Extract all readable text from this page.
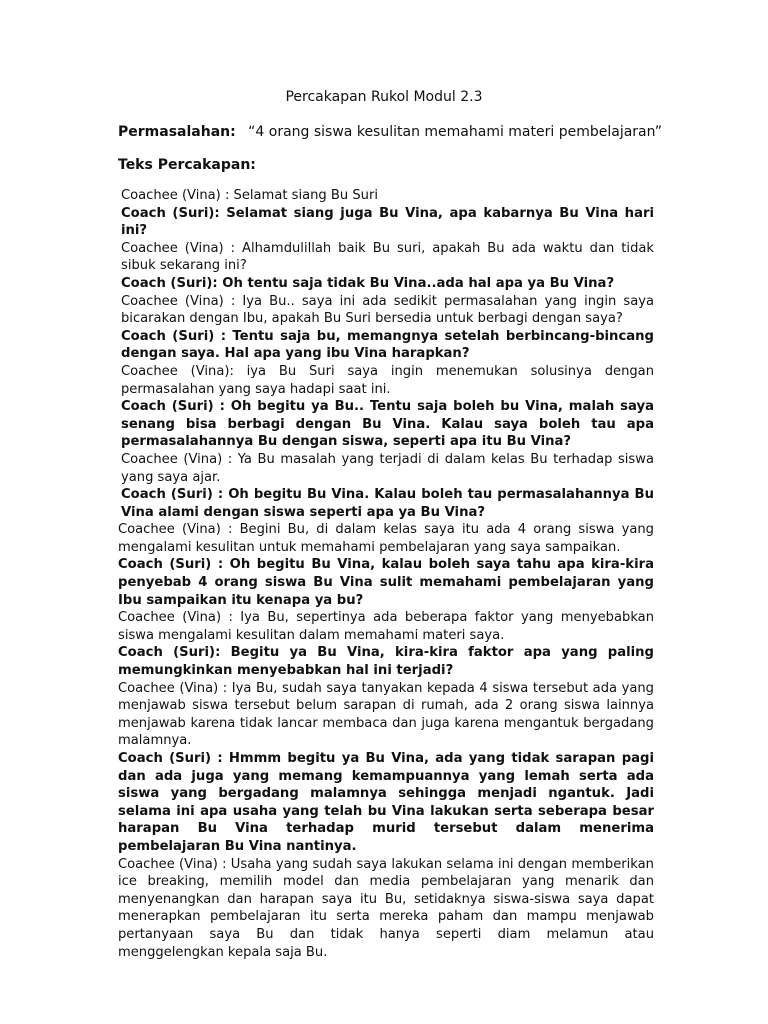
Percakapan Rukol Modul 2.3
Permasalahan: “4 orang siswa kesulitan memahami materi pembelajaran”
Teks Percakapan:

Coachee (Vina) : Selamat siang Bu Suri

Coach (Suri): Selamat siang juga Bu Vina, apa kabarnya Bu Vina hari ini?

Coachee (Vina) : Alhamdulillah baik Bu suri, apakah Bu ada waktu dan tidak sibuk sekarang ini?

Coach (Suri): Oh tentu saja tidak Bu Vina..ada hal apa ya Bu Vina?

Coachee (Vina) : Iya Bu.. saya ini ada sedikit permasalahan yang ingin saya bicarakan dengan Ibu, apakah Bu Suri bersedia untuk berbagi dengan saya?

Coach (Suri) : Tentu saja bu, memangnya setelah berbincang-bincang dengan saya. Hal apa yang ibu Vina harapkan?

Coachee (Vina): iya Bu Suri saya ingin menemukan solusinya dengan permasalahan yang saya hadapi saat ini.

Coach (Suri) : Oh begitu ya Bu.. Tentu saja boleh bu Vina, malah saya senang bisa berbagi dengan Bu Vina. Kalau saya boleh tau apa permasalahannya Bu dengan siswa, seperti apa itu Bu Vina?

Coachee (Vina) : Ya Bu masalah yang terjadi di dalam kelas Bu terhadap siswa yang saya ajar.

Coach (Suri) : Oh begitu Bu Vina. Kalau boleh tau permasalahannya Bu Vina alami dengan siswa seperti apa ya Bu Vina?

Coachee (Vina) : Begini Bu, di dalam kelas saya itu ada 4 orang siswa yang mengalami kesulitan untuk memahami pembelajaran yang saya sampaikan.

Coach (Suri) : Oh begitu Bu Vina, kalau boleh saya tahu apa kira-kira penyebab 4 orang siswa Bu Vina sulit memahami pembelajaran yang Ibu sampaikan itu kenapa ya bu?

Coachee (Vina) : Iya Bu, sepertinya ada beberapa faktor yang menyebabkan siswa mengalami kesulitan dalam memahami materi saya.

Coach (Suri): Begitu ya Bu Vina, kira-kira faktor apa yang paling memungkinkan menyebabkan hal ini terjadi?

Coachee (Vina) : Iya Bu, sudah saya tanyakan kepada 4 siswa tersebut ada yang menjawab siswa tersebut belum sarapan di rumah, ada 2 orang siswa lainnya menjawab karena tidak lancar membaca dan juga karena mengantuk bergadang malamnya.

Coach (Suri) : Hmmm begitu ya Bu Vina, ada yang tidak sarapan pagi dan ada juga yang memang kemampuannya yang lemah serta ada siswa yang bergadang malamnya sehingga menjadi ngantuk. Jadi selama ini apa usaha yang telah bu Vina lakukan serta seberapa besar harapan Bu Vina terhadap murid tersebut dalam menerima pembelajaran Bu Vina nantinya.

Coachee (Vina) : Usaha yang sudah saya lakukan selama ini dengan memberikan ice breaking, memilih model dan media pembelajaran yang menarik dan menyenangkan dan harapan saya itu Bu, setidaknya siswa-siswa saya dapat menerapkan pembelajaran itu serta mereka paham dan mampu menjawab pertanyaan saya Bu dan tidak hanya seperti diam melamun atau menggelengkan kepala saja Bu.
